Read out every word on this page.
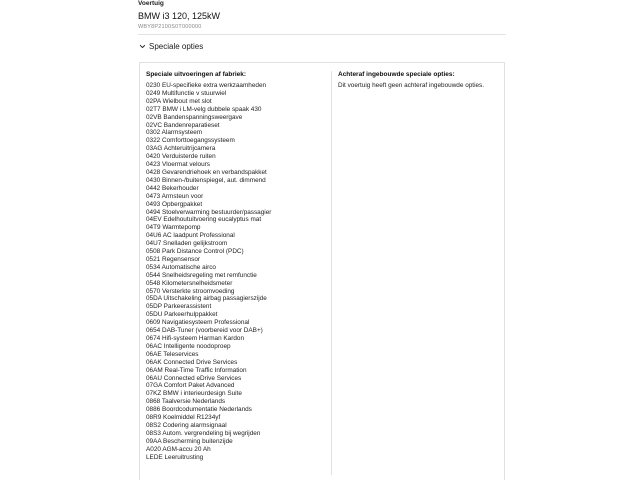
Voertuig
BMW i3 120, 125kW
WBY8P2100S0T000000
Speciale opties
Speciale uitvoeringen af fabriek:
0230 EU-specifieke extra werkzaamheden
0249 Multifunctie v stuurwiel
02PA Wielbout met slot
02T7 BMW i LM-velg dubbele spaak 430
02VB Bandenspanningsweergave
02VC Bandenreparatieset
0302 Alarmsysteem
0322 Comforttoegangssysteem
03AG Achteruitrijcamera
0420 Verduisterde ruiten
0423 Vloermat velours
0428 Gevarendriehoek en verbandspakket
0430 Binnen-/buitenspiegel, aut. dimmend
0442 Bekerhouder
0473 Armsteun voor
0493 Opbergpakket
0494 Stoelverwarming bestuurder/passagier
04EV Edelhoutuitvoering eucalyptus mat
04T9 Warmtepomp
04U6 AC laadpunt Professional
04U7 Snelladen gelijkstroom
0508 Park Distance Control (PDC)
0521 Regensensor
0534 Automatische airco
0544 Snelheidsregeling met remfunctie
0548 Kilometersnelheidsmeter
0570 Versterkte stroomvoeding
05DA Uitschakeling airbag passagierszijde
05DP Parkeerassistent
05DU Parkeerhulppakket
0609 Navigatiesysteem Professional
0654 DAB-Tuner (voorbereid voor DAB+)
0674 Hifi-systeem Harman Kardon
06AC Intelligente noodoproep
06AE Teleservices
06AK Connected Drive Services
06AM Real-Time Traffic Information
06AU Connected eDrive Services
07GA Comfort Paket Advanced
07KZ BMW i interieurdesign Suite
0868 Taalversie Nederlands
0886 Boordcodumentatie Nederlands
08R9 Koelmiddel R1234yf
08S2 Codering alarmsignaal
08S3 Autom. vergrendeling bij wegrijden
09AA Bescherming buitenzijde
A020 AGM-accu 20 Ah
LEDE Leeruitrusting
Achteraf ingebouwde speciale opties:
Dit voertuig heeft geen achteraf ingebouwde opties.
